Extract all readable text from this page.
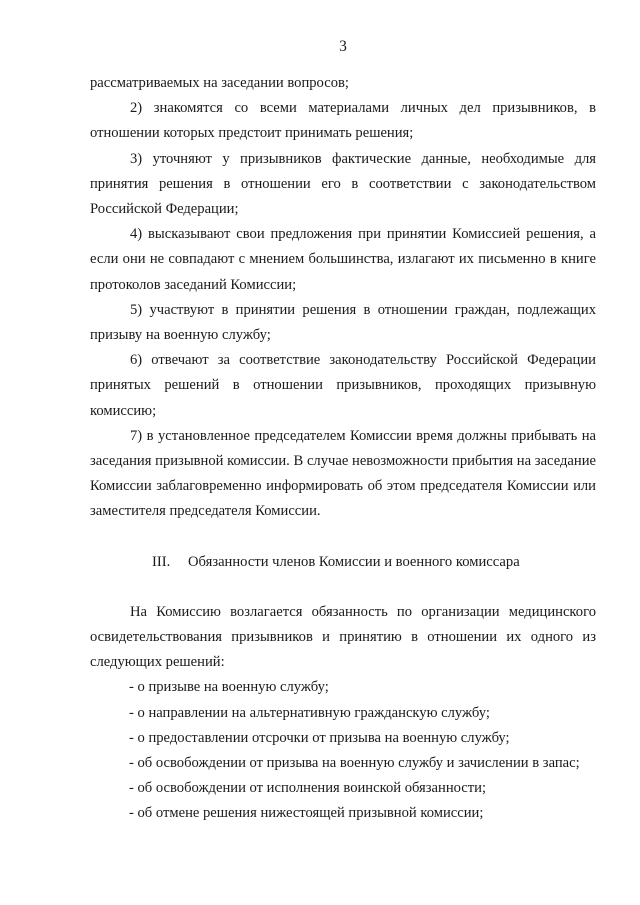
3

рассматриваемых на заседании вопросов;

2) знакомятся со всеми материалами личных дел призывников, в отношении которых предстоит принимать решения;

3) уточняют у призывников фактические данные, необходимые для принятия решения в отношении его в соответствии с законодательством Российской Федерации;

4) высказывают свои предложения при принятии Комиссией решения, а если они не совпадают с мнением большинства, излагают их письменно в книге протоколов заседаний Комиссии;

5) участвуют в принятии решения в отношении граждан, подлежащих призыву на военную службу;

6) отвечают за соответствие законодательству Российской Федерации принятых решений в отношении призывников, проходящих призывную комиссию;

7) в установленное председателем Комиссии время должны прибывать на заседания призывной комиссии. В случае невозможности прибытия на заседание Комиссии заблаговременно информировать об этом председателя Комиссии или заместителя председателя Комиссии.

III. Обязанности членов Комиссии и военного комиссара

На Комиссию возлагается обязанность по организации медицинского освидетельствования призывников и принятию в отношении их одного из следующих решений:

- о призыве на военную службу;

- о направлении на альтернативную гражданскую службу;

- о предоставлении отсрочки от призыва на военную службу;

- об освобождении от призыва на военную службу и зачислении в запас;

- об освобождении от исполнения воинской обязанности;

- об отмене решения нижестоящей призывной комиссии;
